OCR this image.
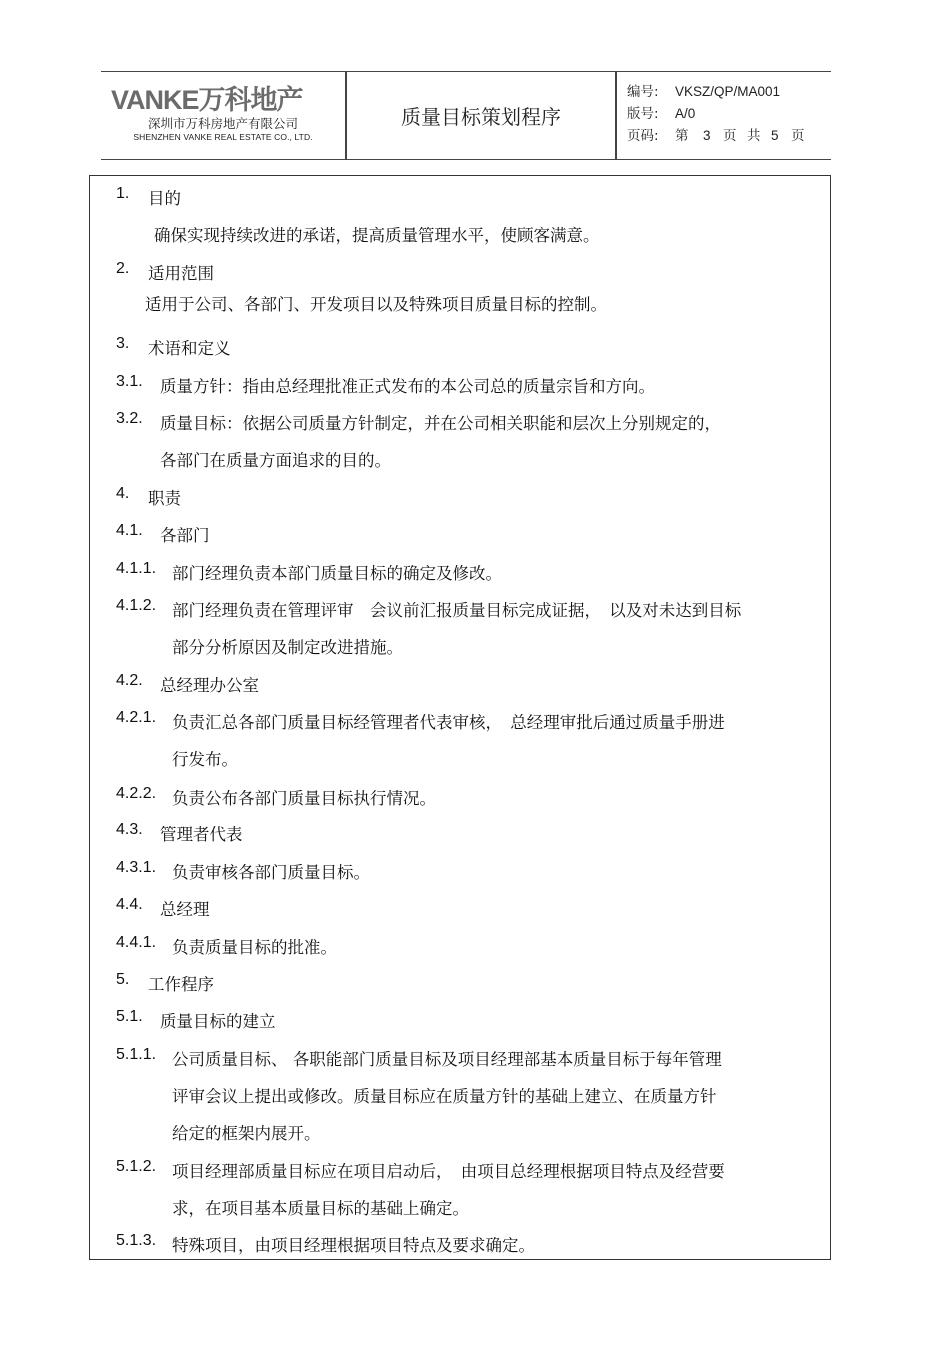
VANKE万科地产
深圳市万科房地产有限公司
SHENZHEN VANKE REAL ESTATE CO., LTD.
质量目标策划程序
编号: VKSZ/QP/MA001
版号: A/0
页码: 第 3 页 共 5 页
1. 目的
确保实现持续改进的承诺，提高质量管理水平，使顾客满意。
2. 适用范围
适用于公司、各部门、开发项目以及特殊项目质量目标的控制。
3. 术语和定义
3.1. 质量方针：指由总经理批准正式发布的本公司总的质量宗旨和方向。
3.2. 质量目标：依据公司质量方针制定，并在公司相关职能和层次上分别规定的，
各部门在质量方面追求的目的。
4. 职责
4.1. 各部门
4.1.1. 部门经理负责本部门质量目标的确定及修改。
4.1.2. 部门经理负责在管理评审　会议前汇报质量目标完成证据，　以及对未达到目标
部分分析原因及制定改进措施。
4.2. 总经理办公室
4.2.1. 负责汇总各部门质量目标经管理者代表审核，　总经理审批后通过质量手册进
行发布。
4.2.2. 负责公布各部门质量目标执行情况。
4.3. 管理者代表
4.3.1. 负责审核各部门质量目标。
4.4. 总经理
4.4.1. 负责质量目标的批准。
5. 工作程序
5.1. 质量目标的建立
5.1.1. 公司质量目标、 各职能部门质量目标及项目经理部基本质量目标于每年管理
评审会议上提出或修改。质量目标应在质量方针的基础上建立、在质量方针
给定的框架内展开。
5.1.2. 项目经理部质量目标应在项目启动后，　由项目总经理根据项目特点及经营要
求，在项目基本质量目标的基础上确定。
5.1.3. 特殊项目，由项目经理根据项目特点及要求确定。
